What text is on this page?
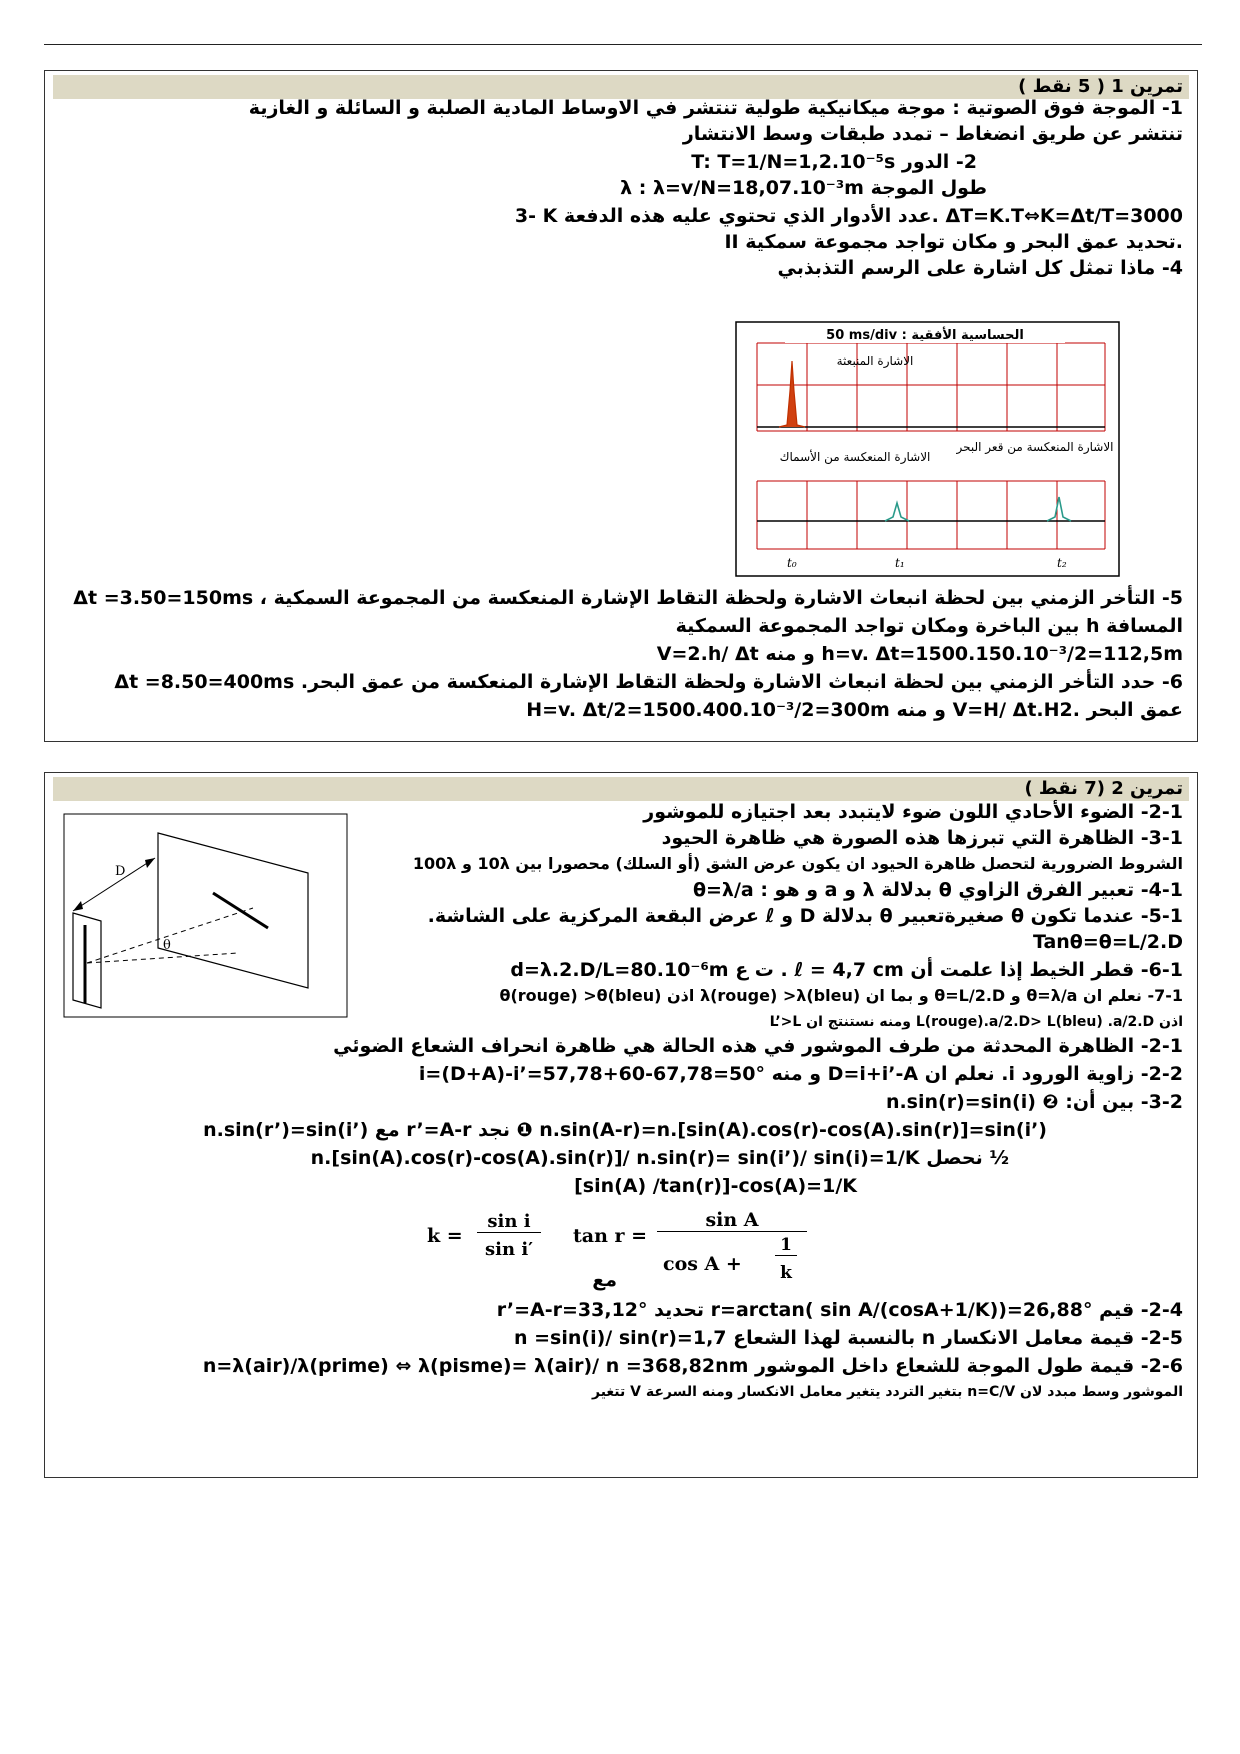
تمرين 1 ( 5 نقط )
1- الموجة فوق الصوتية : موجة ميكانيكية طولية تنتشر في الاوساط المادية الصلبة و السائلة و الغازية
تنتشر عن طريق انضغاط – تمدد طبقات وسط الانتشار
2- الدور T: T=1/N=1,2.10⁻⁵s
طول الموجة λ : λ=v/N=18,07.10⁻³m
3- K عدد الأدوار الذي تحتوي عليه هذه الدفعة. ΔT=K.T⇔K=Δt/T=3000
II تحديد عمق البحر و مكان تواجد مجموعة سمكية.
4- ماذا تمثل كل اشارة على الرسم التذبذبي
50 ms/div : الحساسية الأفقية
الاشارة المنبعثة
الاشارة المنعكسة من الأسماك
الاشارة المنعكسة من قعر البحر
t₀	t₁	t₂
5- التأخر الزمني بين لحظة انبعاث الاشارة ولحظة التقاط الإشارة المنعكسة من المجموعة السمكية ، Δt =3.50=150ms
المسافة h بين الباخرة ومكان تواجد المجموعة السمكية
V=2.h/ Δt و منه h=v. Δt=1500.150.10⁻³/2=112,5m
6- حدد التأخر الزمني بين لحظة انبعاث الاشارة ولحظة التقاط الإشارة المنعكسة من عمق البحر. Δt =8.50=400ms
عمق البحر .V=H/ Δt.H2 و منه H=v. Δt/2=1500.400.10⁻³/2=300m
تمرين 2 (7 نقط )
D
θ
2-1- الضوء الأحادي اللون ضوء لايتبدد بعد اجتيازه للموشور
3-1- الظاهرة التي تبرزها هذه الصورة هي ظاهرة الحيود
الشروط الضرورية لتحصل ظاهرة الحيود ان يكون عرض الشق (أو السلك) محصورا بين 10λ و 100λ
4-1- تعبير الفرق الزاوي θ بدلالة λ و a و هو : θ=λ/a
5-1- عندما تكون θ صغيرةتعبير θ بدلالة D و ℓ عرض البقعة المركزية على الشاشة.
Tanθ=θ=L/2.D
6-1- قطر الخيط إذا علمت أن ℓ = 4,7 cm . ت ع d=λ.2.D/L=80.10⁻⁶m
7-1- نعلم ان θ=λ/a و θ=L/2.D و بما ان λ(rouge) >λ(bleu) اذن θ(rouge) >θ(bleu)
اذن L(rouge).a/2.D> L(bleu) .a/2.D ومنه نستنتج ان L’>L
2-1- الظاهرة المحدثة من طرف الموشور في هذه الحالة هي ظاهرة انحراف الشعاع الضوئي
2-2- زاوية الورود i. نعلم ان D=i+i’-A و منه i=(D+A)-i’=57,78+60-67,78=50°
3-2- بين أن: ❷ n.sin(r)=sin(i)
n.sin(r’)=sin(i’) مع r’=A-r نجد ❶ n.sin(A-r)=n.[sin(A).cos(r)-cos(A).sin(r)]=sin(i’)
½ نحصل n.[sin(A).cos(r)-cos(A).sin(r)]/ n.sin(r)= sin(i’)/ sin(i)=1/K
[sin(A) /tan(r)]-cos(A)=1/K
k =
sin i
sin i′
tan r =
sin A
cos A +
1
k
مع
2-4- قيم r=arctan( sin A/(cosA+1/K))=26,88° تحديد r’=A-r=33,12°
2-5- قيمة معامل الانكسار n بالنسبة لهذا الشعاع n =sin(i)/ sin(r)=1,7
2-6- قيمة طول الموجة للشعاع داخل الموشور n=λ(air)/λ(prime) ⇔ λ(pisme)= λ(air)/ n =368,82nm
الموشور وسط مبدد لان n=C/V بتغير التردد يتغير معامل الانكسار ومنه السرعة V تتغير
